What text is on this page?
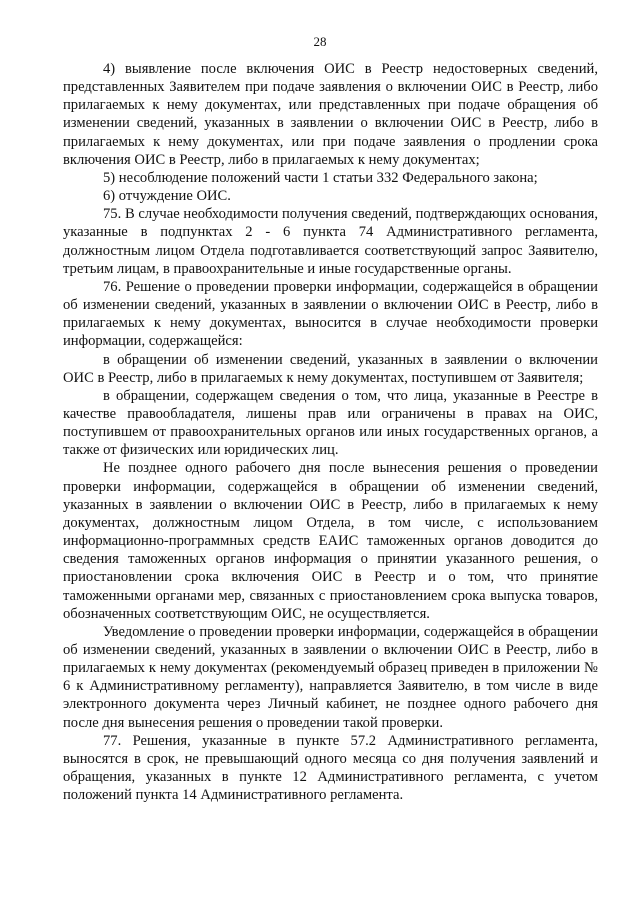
28

4) выявление после включения ОИС в Реестр недостоверных сведений, представленных Заявителем при подаче заявления о включении ОИС в Реестр, либо прилагаемых к нему документах, или представленных при подаче обращения об изменении сведений, указанных в заявлении о включении ОИС в Реестр, либо в прилагаемых к нему документах, или при подаче заявления о продлении срока включения ОИС в Реестр, либо в прилагаемых к нему документах;

5) несоблюдение положений части 1 статьи 332 Федерального закона;

6) отчуждение ОИС.

75. В случае необходимости получения сведений, подтверждающих основания, указанные в подпунктах 2 - 6 пункта 74 Административного регламента, должностным лицом Отдела подготавливается соответствующий запрос Заявителю, третьим лицам, в правоохранительные и иные государственные органы.

76. Решение о проведении проверки информации, содержащейся в обращении об изменении сведений, указанных в заявлении о включении ОИС в Реестр, либо в прилагаемых к нему документах, выносится в случае необходимости проверки информации, содержащейся:

в обращении об изменении сведений, указанных в заявлении о включении ОИС в Реестр, либо в прилагаемых к нему документах, поступившем от Заявителя;

в обращении, содержащем сведения о том, что лица, указанные в Реестре в качестве правообладателя, лишены прав или ограничены в правах на ОИС, поступившем от правоохранительных органов или иных государственных органов, а также от физических или юридических лиц.

Не позднее одного рабочего дня после вынесения решения о проведении проверки информации, содержащейся в обращении об изменении сведений, указанных в заявлении о включении ОИС в Реестр, либо в прилагаемых к нему документах, должностным лицом Отдела, в том числе, с использованием информационно-программных средств ЕАИС таможенных органов доводится до сведения таможенных органов информация о принятии указанного решения, о приостановлении срока включения ОИС в Реестр и о том, что принятие таможенными органами мер, связанных с приостановлением срока выпуска товаров, обозначенных соответствующим ОИС, не осуществляется.

Уведомление о проведении проверки информации, содержащейся в обращении об изменении сведений, указанных в заявлении о включении ОИС в Реестр, либо в прилагаемых к нему документах (рекомендуемый образец приведен в приложении № 6 к Административному регламенту), направляется Заявителю, в том числе в виде электронного документа через Личный кабинет, не позднее одного рабочего дня после дня вынесения решения о проведении такой проверки.

77. Решения, указанные в пункте 57.2 Административного регламента, выносятся в срок, не превышающий одного месяца со дня получения заявлений и обращения, указанных в пункте 12 Административного регламента, с учетом положений пункта 14 Административного регламента.
